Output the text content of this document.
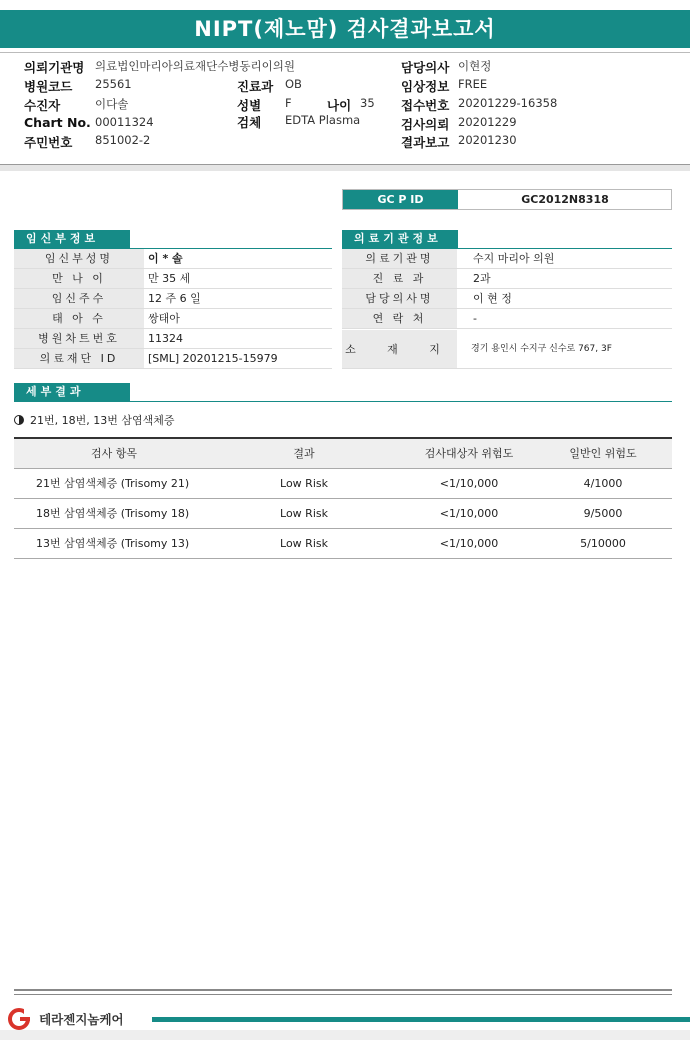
NIPT(제노맘) 검사결과보고서
의뢰기관명 의료법인마리아의료재단수병동리이의원	담당의사 이현정
병원코드 25561	진료과 OB	임상정보 FREE
수진자	이다솔	성별 F	나이 35 접수번호 20201229-16358
Chart No. 00011324	검체 EDTA Plasma	검사의뢰 20201229
주민번호 851002-2	결과보고 20201230
GC P ID	GC2012N8318
임신부정보
임신부성명	이 * 솔
만 나 이	만 35 세
임신주수	12 주 6 일
태 아 수	쌍태아
병원차트번호	11324
의료재단 ID	[SML] 20201215-15979
의료기관정보
의료기관명	수지 마리아 의원
진 료 과	2과
담당의사명	이 현 정
연 락 처	-
소 재 지	경기 용인시 수지구 신수로 767, 3F
세부결과
21번, 18번, 13번 삼염색체증
검사 항목	결과	검사대상자 위험도	일반인 위험도
21번 삼염색체증 (Trisomy 21)	Low Risk	<1/10,000	4/1000
18번 삼염색체증 (Trisomy 18)	Low Risk	<1/10,000	9/5000
13번 삼염색체증 (Trisomy 13)	Low Risk	<1/10,000	5/10000
테라젠지놈케어
